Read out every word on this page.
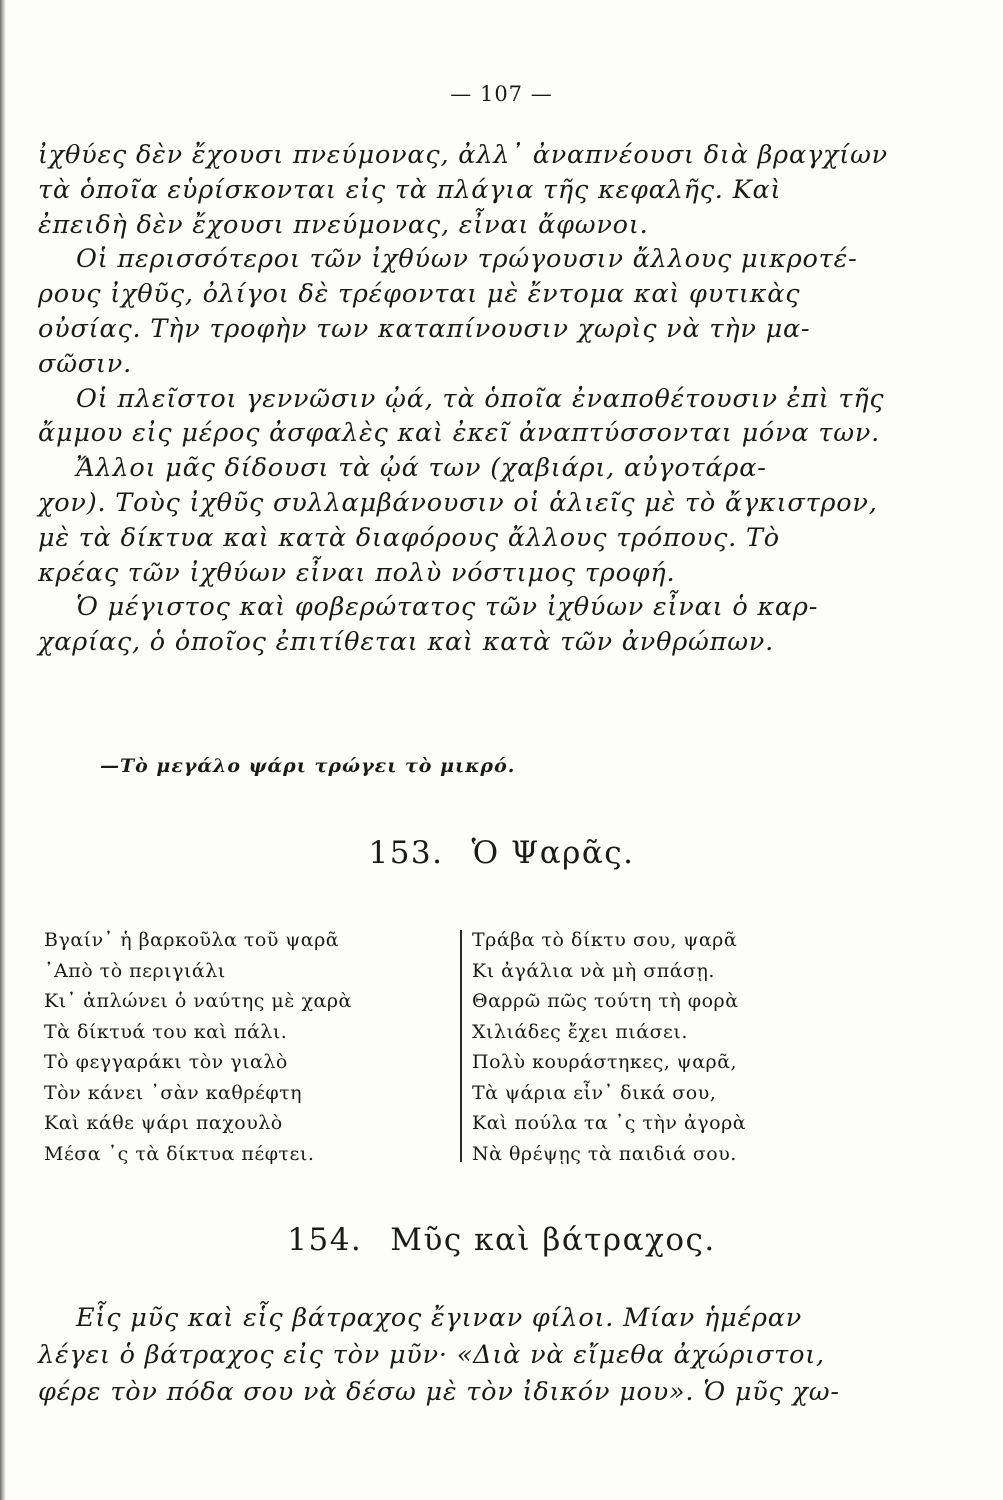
— 107 —
ἰχθύες δὲν ἔχουσι πνεύμονας, ἀλλ᾽ ἀναπνέουσι διὰ βραγχίων
τὰ ὁποῖα εὑρίσκονται εἰς τὰ πλάγια τῆς κεφαλῆς. Καὶ
ἐπειδὴ δὲν ἔχουσι πνεύμονας, εἶναι ἄφωνοι.
Οἱ περισσότεροι τῶν ἰχθύων τρώγουσιν ἄλλους μικροτέ-
ρους ἰχθῦς, ὀλίγοι δὲ τρέφονται μὲ ἔντομα καὶ φυτικὰς
οὐσίας. Τὴν τροφὴν των καταπίνουσιν χωρὶς νὰ τὴν μα-
σῶσιν.
Οἱ πλεῖστοι γεννῶσιν ᾠά, τὰ ὁποῖα ἐναποθέτουσιν ἐπὶ τῆς
ἄμμου εἰς μέρος ἀσφαλὲς καὶ ἐκεῖ ἀναπτύσσονται μόνα των.
Ἄλλοι μᾶς δίδουσι τὰ ᾠά των (χαβιάρι, αὐγοτάρα-
χον). Τοὺς ἰχθῦς συλλαμβάνουσιν οἱ ἁλιεῖς μὲ τὸ ἄγκιστρον,
μὲ τὰ δίκτυα καὶ κατὰ διαφόρους ἄλλους τρόπους. Τὸ
κρέας τῶν ἰχθύων εἶναι πολὺ νόστιμος τροφή.
Ὁ μέγιστος καὶ φοβερώτατος τῶν ἰχθύων εἶναι ὁ καρ-
χαρίας, ὁ ὁποῖος ἐπιτίθεται καὶ κατὰ τῶν ἀνθρώπων.
—Τὸ μεγάλο ψάρι τρώγει τὸ μικρό.
153. Ὁ Ψαρᾶς.
Βγαίν᾽ ἡ βαρκοῦλα τοῦ ψαρᾶ
᾽Απὸ τὸ περιγιάλι
Κι᾽ ἁπλώνει ὁ ναύτης μὲ χαρὰ
Τὰ δίκτυά του καὶ πάλι.
Τὸ φεγγαράκι τὸν γιαλὸ
Τὸν κάνει ᾽σὰν καθρέφτη
Καὶ κάθε ψάρι παχουλὸ
Μέσα ᾽ς τὰ δίκτυα πέφτει.
Τράβα τὸ δίκτυ σου, ψαρᾶ
Κι ἀγάλια νὰ μὴ σπάσῃ.
Θαρρῶ πῶς τούτη τὴ φορὰ
Χιλιάδες ἔχει πιάσει.
Πολὺ κουράστηκες, ψαρᾶ,
Τὰ ψάρια εἶν᾽ δικά σου,
Καὶ πούλα τα ᾽ς τὴν ἀγορὰ
Νὰ θρέψῃς τὰ παιδιά σου.
154. Μῦς καὶ βάτραχος.
Εἷς μῦς καὶ εἷς βάτραχος ἔγιναν φίλοι. Μίαν ἡμέραν
λέγει ὁ βάτραχος εἰς τὸν μῦν· «Διὰ νὰ εἴμεθα ἀχώριστοι,
φέρε τὸν πόδα σου νὰ δέσω μὲ τὸν ἰδικόν μου». Ὁ μῦς χω-
